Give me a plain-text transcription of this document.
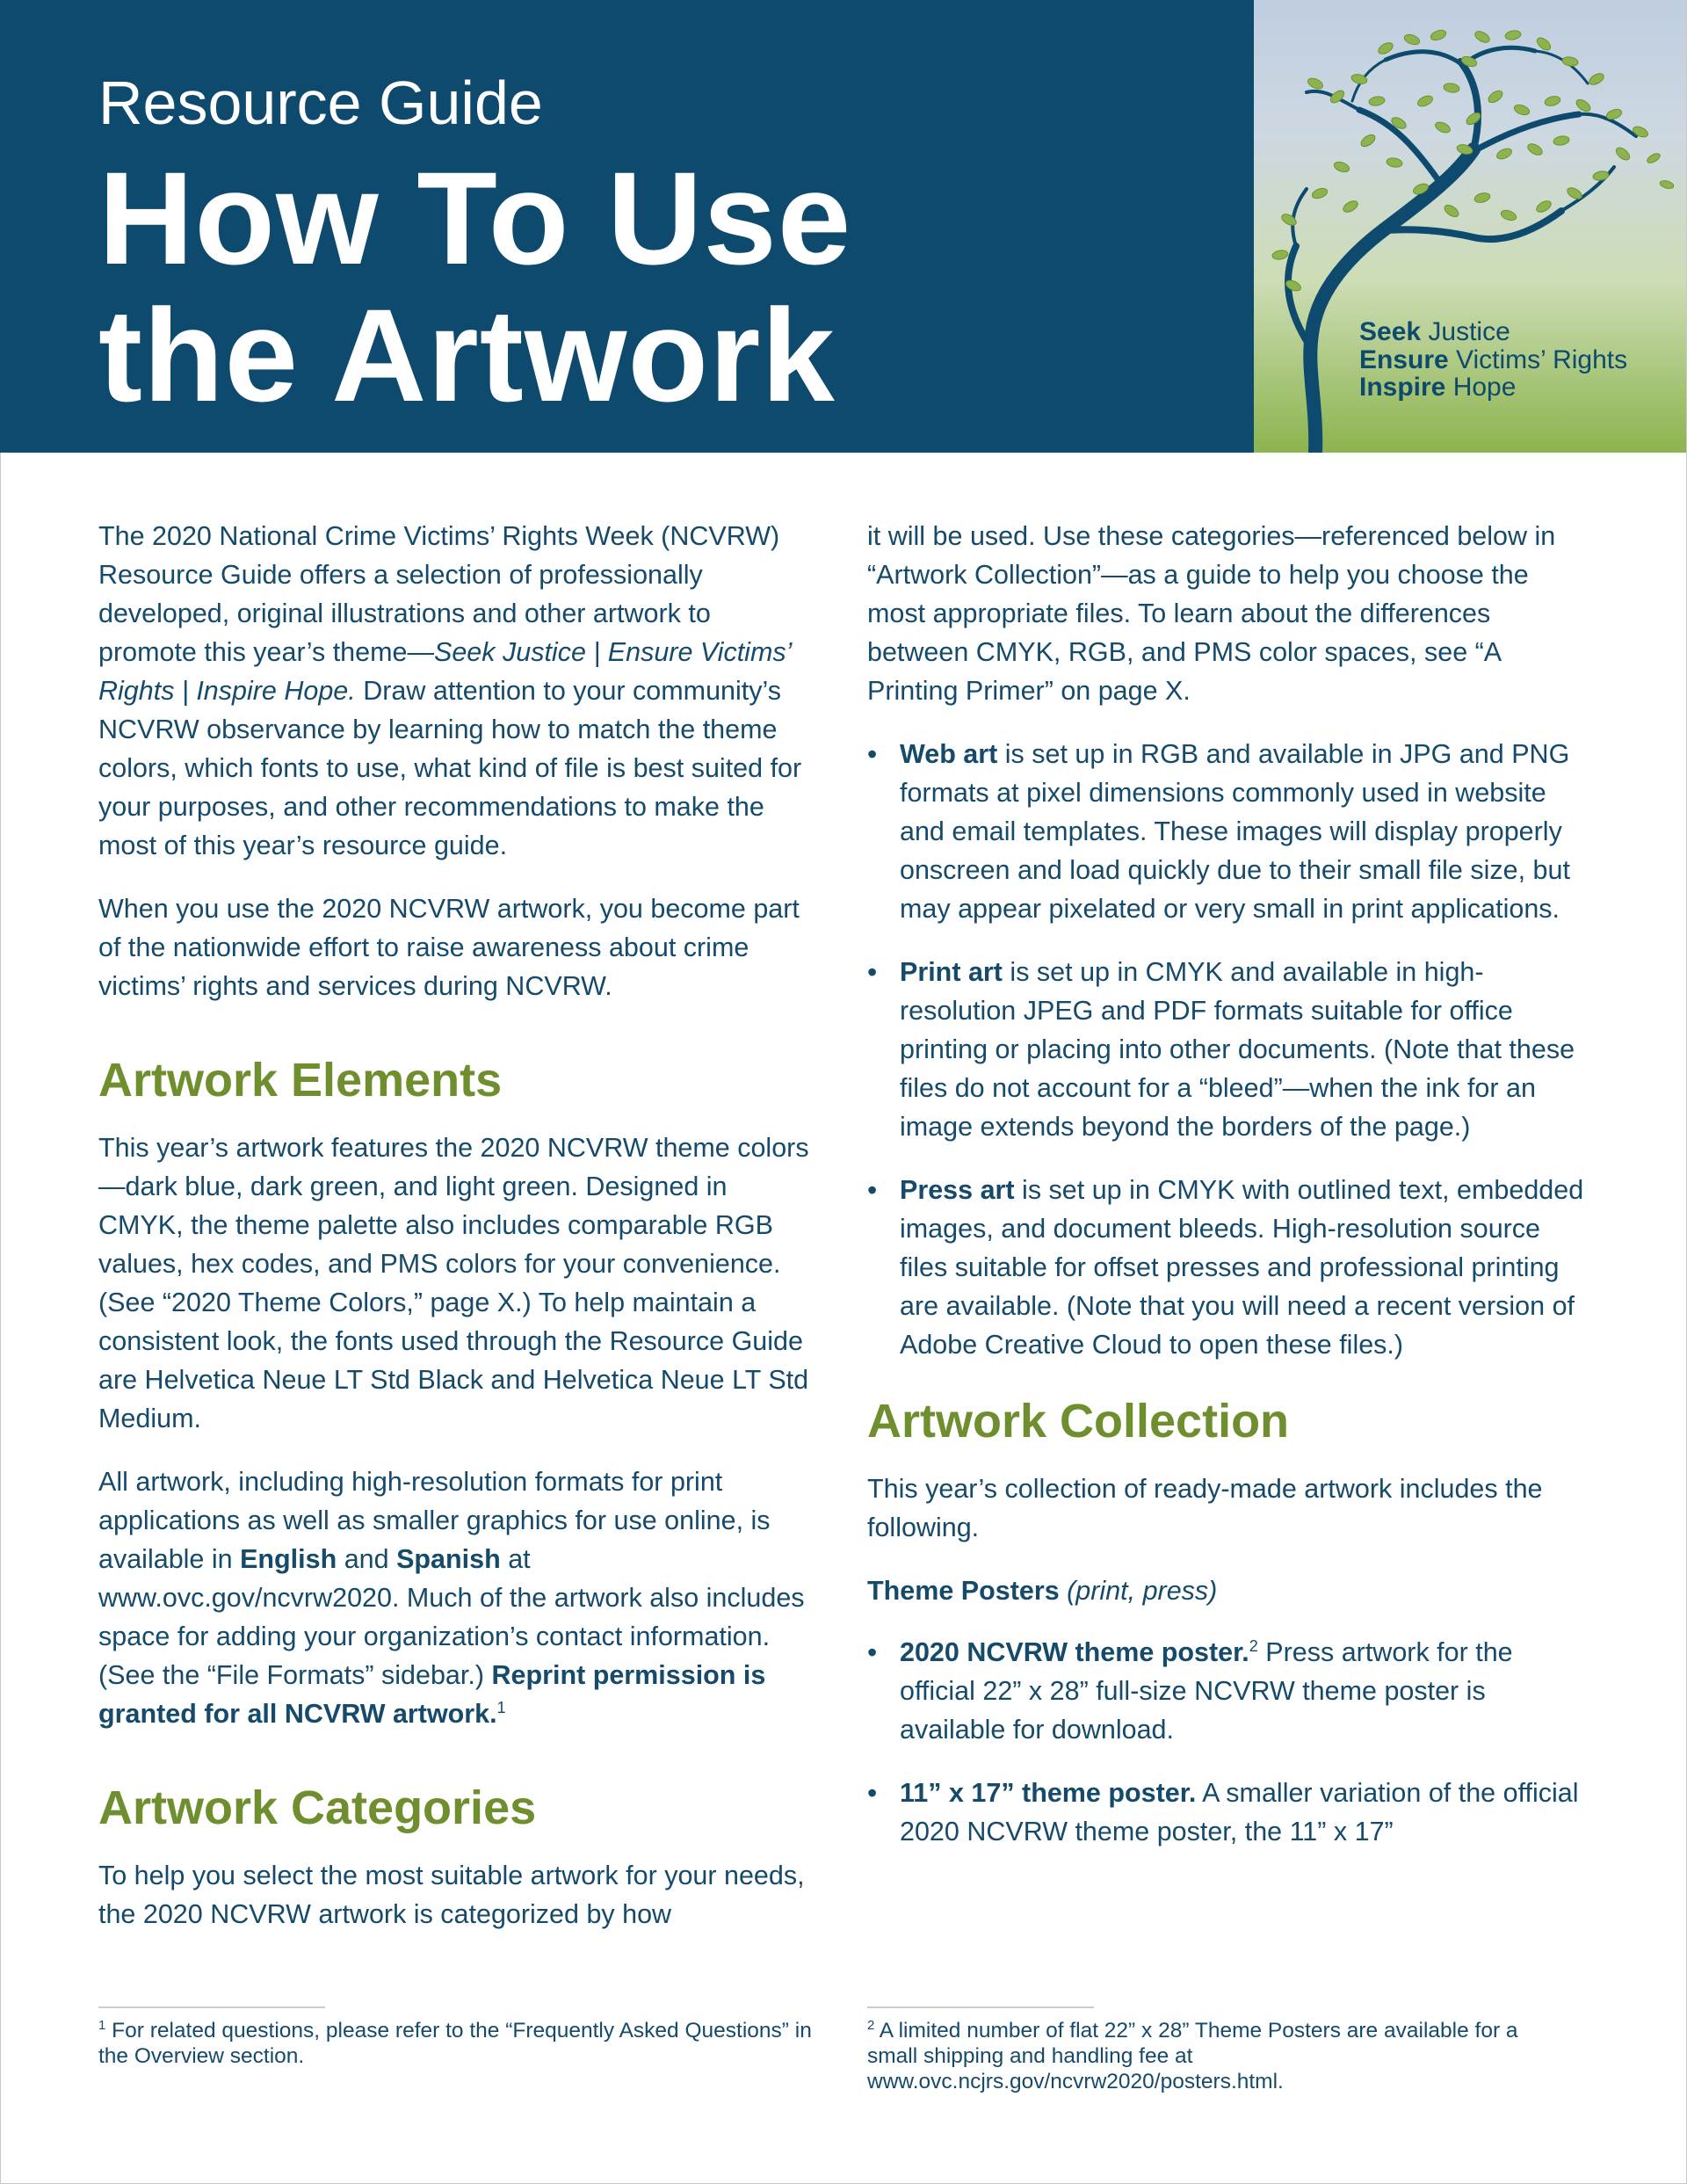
Resource Guide
How To Use
the Artwork	Seek Justice
Ensure Victims’ Rights
Inspire Hope

The 2020 National Crime Victims’ Rights Week (NCVRW) Resource Guide offers a selection of professionally developed, original illustrations and other artwork to promote this year’s theme—Seek Justice | Ensure Victims’ Rights | Inspire Hope. Draw attention to your community’s NCVRW observance by learning how to match the theme colors, which fonts to use, what kind of file is best suited for your purposes, and other recommendations to make the most of this year’s resource guide.

When you use the 2020 NCVRW artwork, you become part of the nationwide effort to raise awareness about crime victims’ rights and services during NCVRW.

Artwork Elements

This year’s artwork features the 2020 NCVRW theme colors—dark blue, dark green, and light green. Designed in CMYK, the theme palette also includes comparable RGB values, hex codes, and PMS colors for your convenience. (See “2020 Theme Colors,” page X.) To help maintain a consistent look, the fonts used through the Resource Guide are Helvetica Neue LT Std Black and Helvetica Neue LT Std Medium.

All artwork, including high-resolution formats for print applications as well as smaller graphics for use online, is available in English and Spanish at www.ovc.gov/ncvrw2020. Much of the artwork also includes space for adding your organization’s contact information. (See the “File Formats” sidebar.) Reprint permission is granted for all NCVRW artwork.$^1$

Artwork Categories

To help you select the most suitable artwork for your needs, the 2020 NCVRW artwork is categorized by how

it will be used. Use these categories—referenced below in “Artwork Collection”—as a guide to help you choose the most appropriate files. To learn about the differences between CMYK, RGB, and PMS color spaces, see “A Printing Primer” on page X.

• Web art is set up in RGB and available in JPG and PNG formats at pixel dimensions commonly used in website and email templates. These images will display properly onscreen and load quickly due to their small file size, but may appear pixelated or very small in print applications.
• Print art is set up in CMYK and available in high-resolution JPEG and PDF formats suitable for office printing or placing into other documents. (Note that these files do not account for a “bleed”—when the ink for an image extends beyond the borders of the page.)
• Press art is set up in CMYK with outlined text, embedded images, and document bleeds. High-resolution source files suitable for offset presses and professional printing are available. (Note that you will need a recent version of Adobe Creative Cloud to open these files.)
Artwork Collection

This year’s collection of ready-made artwork includes the following.

Theme Posters (print, press)

• 2020 NCVRW theme poster.$^2$ Press artwork for the official 22” x 28” full-size NCVRW theme poster is available for download.
• 11” x 17” theme poster. A smaller variation of the official 2020 NCVRW theme poster, the 11” x 17”
$^1$ For related questions, please refer to the “Frequently Asked Questions” in the Overview section.
$^2$ A limited number of flat 22” x 28” Theme Posters are available for a small shipping and handling fee at www.ovc.ncjrs.gov/ncvrw2020/posters.html.
